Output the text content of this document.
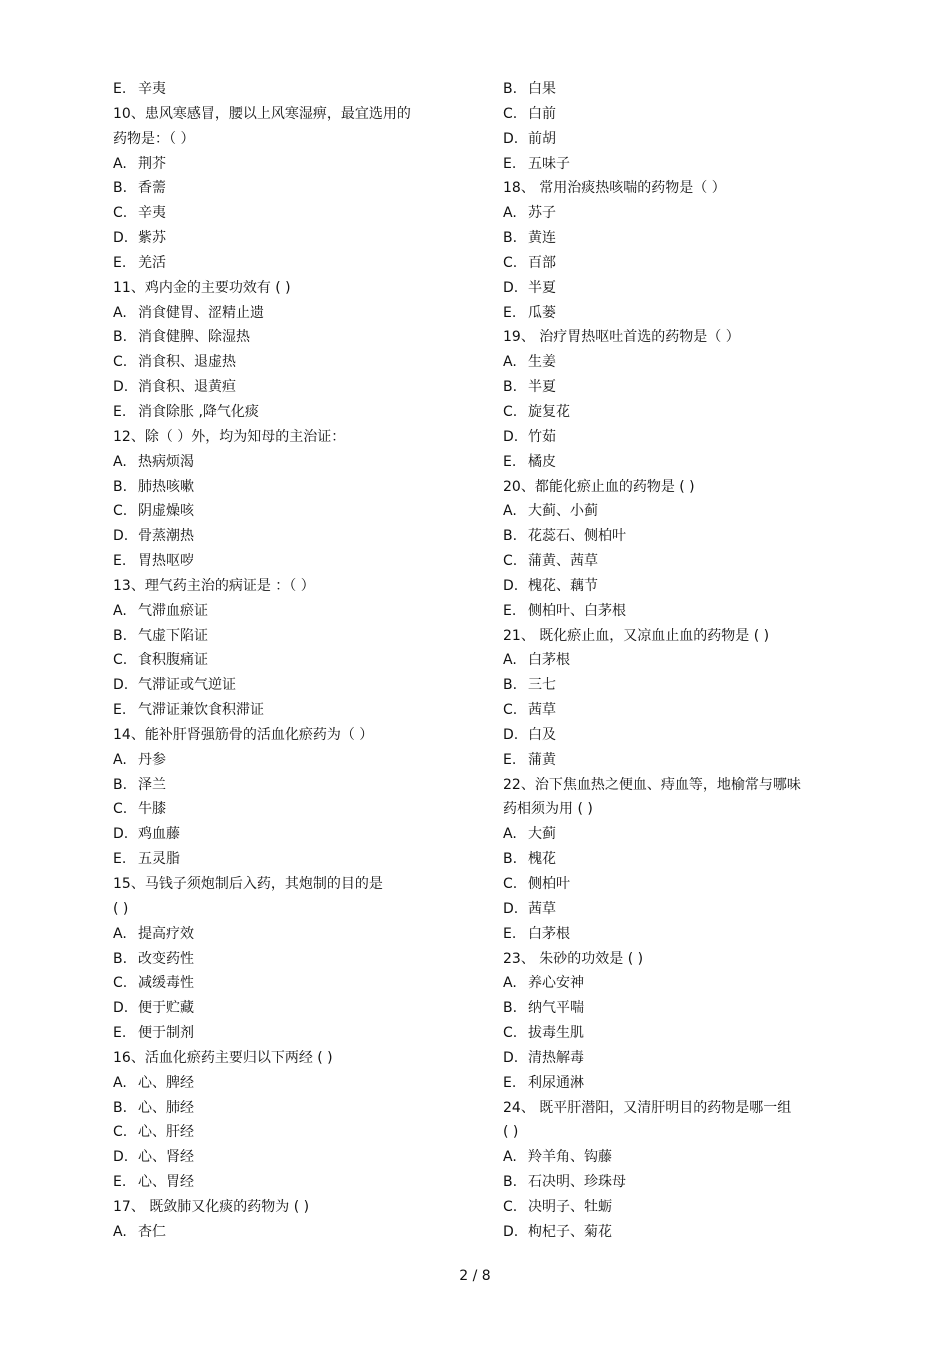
E. 辛夷
10、患风寒感冒，腰以上风寒湿痹，最宜选用的
药物是：（ ）
A. 荆芥
B. 香薷
C. 辛夷
D. 紫苏
E. 羌活
11、鸡内金的主要功效有 ( )
A. 消食健胃、涩精止遗
B. 消食健脾、除湿热
C. 消食积、退虚热
D. 消食积、退黄疸
E. 消食除胀 ,降气化痰
12、除（ ）外，均为知母的主治证：
A. 热病烦渴
B. 肺热咳嗽
C. 阴虚燥咳
D. 骨蒸潮热
E. 胃热呕哕
13、理气药主治的病证是 ：（ ）
A. 气滞血瘀证
B. 气虚下陷证
C. 食积腹痛证
D. 气滞证或气逆证
E. 气滞证兼饮食积滞证
14、能补肝肾强筋骨的活血化瘀药为（ ）
A. 丹参
B. 泽兰
C. 牛膝
D. 鸡血藤
E. 五灵脂
15、马钱子须炮制后入药，其炮制的目的是
( )
A. 提高疗效
B. 改变药性
C. 减缓毒性
D. 便于贮藏
E. 便于制剂
16、活血化瘀药主要归以下两经 ( )
A. 心、脾经
B. 心、肺经
C. 心、肝经
D. 心、肾经
E. 心、胃经
17、 既敛肺又化痰的药物为 ( )
A. 杏仁
B. 白果
C. 白前
D. 前胡
E. 五味子
18、 常用治痰热咳喘的药物是（ ）
A. 苏子
B. 黄连
C. 百部
D. 半夏
E. 瓜蒌
19、 治疗胃热呕吐首选的药物是（ ）
A. 生姜
B. 半夏
C. 旋复花
D. 竹茹
E. 橘皮
20、都能化瘀止血的药物是 ( )
A. 大蓟、小蓟
B. 花蕊石、侧柏叶
C. 蒲黄、茜草
D. 槐花、藕节
E. 侧柏叶、白茅根
21、 既化瘀止血，又凉血止血的药物是 ( )
A. 白茅根
B. 三七
C. 茜草
D. 白及
E. 蒲黄
22、治下焦血热之便血、痔血等，地榆常与哪味
药相须为用 ( )
A. 大蓟
B. 槐花
C. 侧柏叶
D. 茜草
E. 白茅根
23、 朱砂的功效是 ( )
A. 养心安神
B. 纳气平喘
C. 拔毒生肌
D. 清热解毒
E. 利尿通淋
24、 既平肝潜阳，又清肝明目的药物是哪一组
( )
A. 羚羊角、钩藤
B. 石决明、珍珠母
C. 决明子、牡蛎
D. 枸杞子、菊花
2 / 8
